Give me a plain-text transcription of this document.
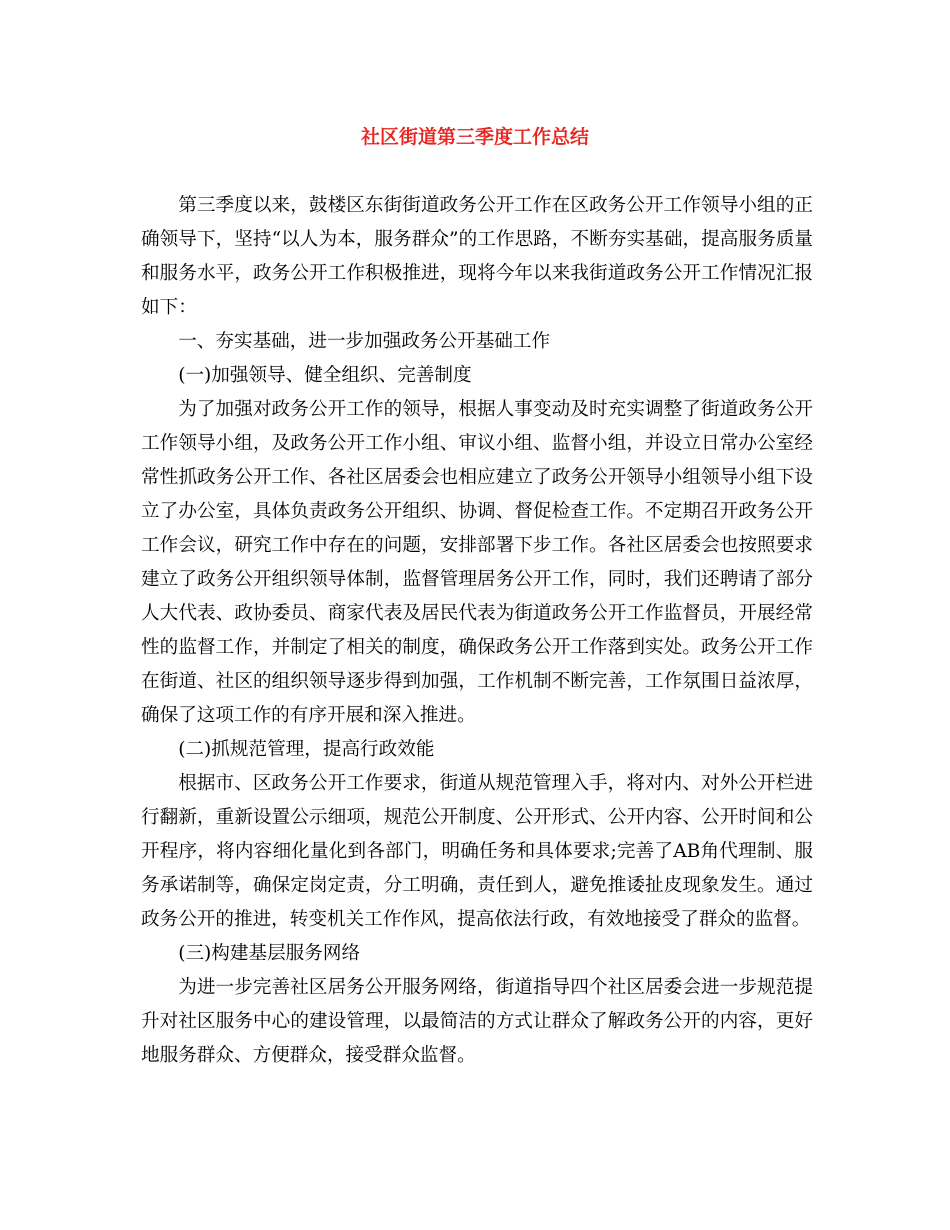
社区街道第三季度工作总结

第三季度以来，鼓楼区东街街道政务公开工作在区政务公开工作领导小组的正确领导下，坚持“以人为本，服务群众”的工作思路，不断夯实基础，提高服务质量和服务水平，政务公开工作积极推进，现将今年以来我街道政务公开工作情况汇报如下：

一、夯实基础，进一步加强政务公开基础工作

(一)加强领导、健全组织、完善制度

为了加强对政务公开工作的领导，根据人事变动及时充实调整了街道政务公开工作领导小组，及政务公开工作小组、审议小组、监督小组，并设立日常办公室经常性抓政务公开工作、各社区居委会也相应建立了政务公开领导小组领导小组下设立了办公室，具体负责政务公开组织、协调、督促检查工作。不定期召开政务公开工作会议，研究工作中存在的问题，安排部署下步工作。各社区居委会也按照要求建立了政务公开组织领导体制，监督管理居务公开工作，同时，我们还聘请了部分人大代表、政协委员、商家代表及居民代表为街道政务公开工作监督员，开展经常性的监督工作，并制定了相关的制度，确保政务公开工作落到实处。政务公开工作在街道、社区的组织领导逐步得到加强，工作机制不断完善，工作氛围日益浓厚，确保了这项工作的有序开展和深入推进。

(二)抓规范管理，提高行政效能

根据市、区政务公开工作要求，街道从规范管理入手，将对内、对外公开栏进行翻新，重新设置公示细项，规范公开制度、公开形式、公开内容、公开时间和公开程序，将内容细化量化到各部门，明确任务和具体要求;完善了AB角代理制、服务承诺制等，确保定岗定责，分工明确，责任到人，避免推诿扯皮现象发生。通过政务公开的推进，转变机关工作作风，提高依法行政，有效地接受了群众的监督。

(三)构建基层服务网络

为进一步完善社区居务公开服务网络，街道指导四个社区居委会进一步规范提升对社区服务中心的建设管理，以最简洁的方式让群众了解政务公开的内容，更好地服务群众、方便群众，接受群众监督。
